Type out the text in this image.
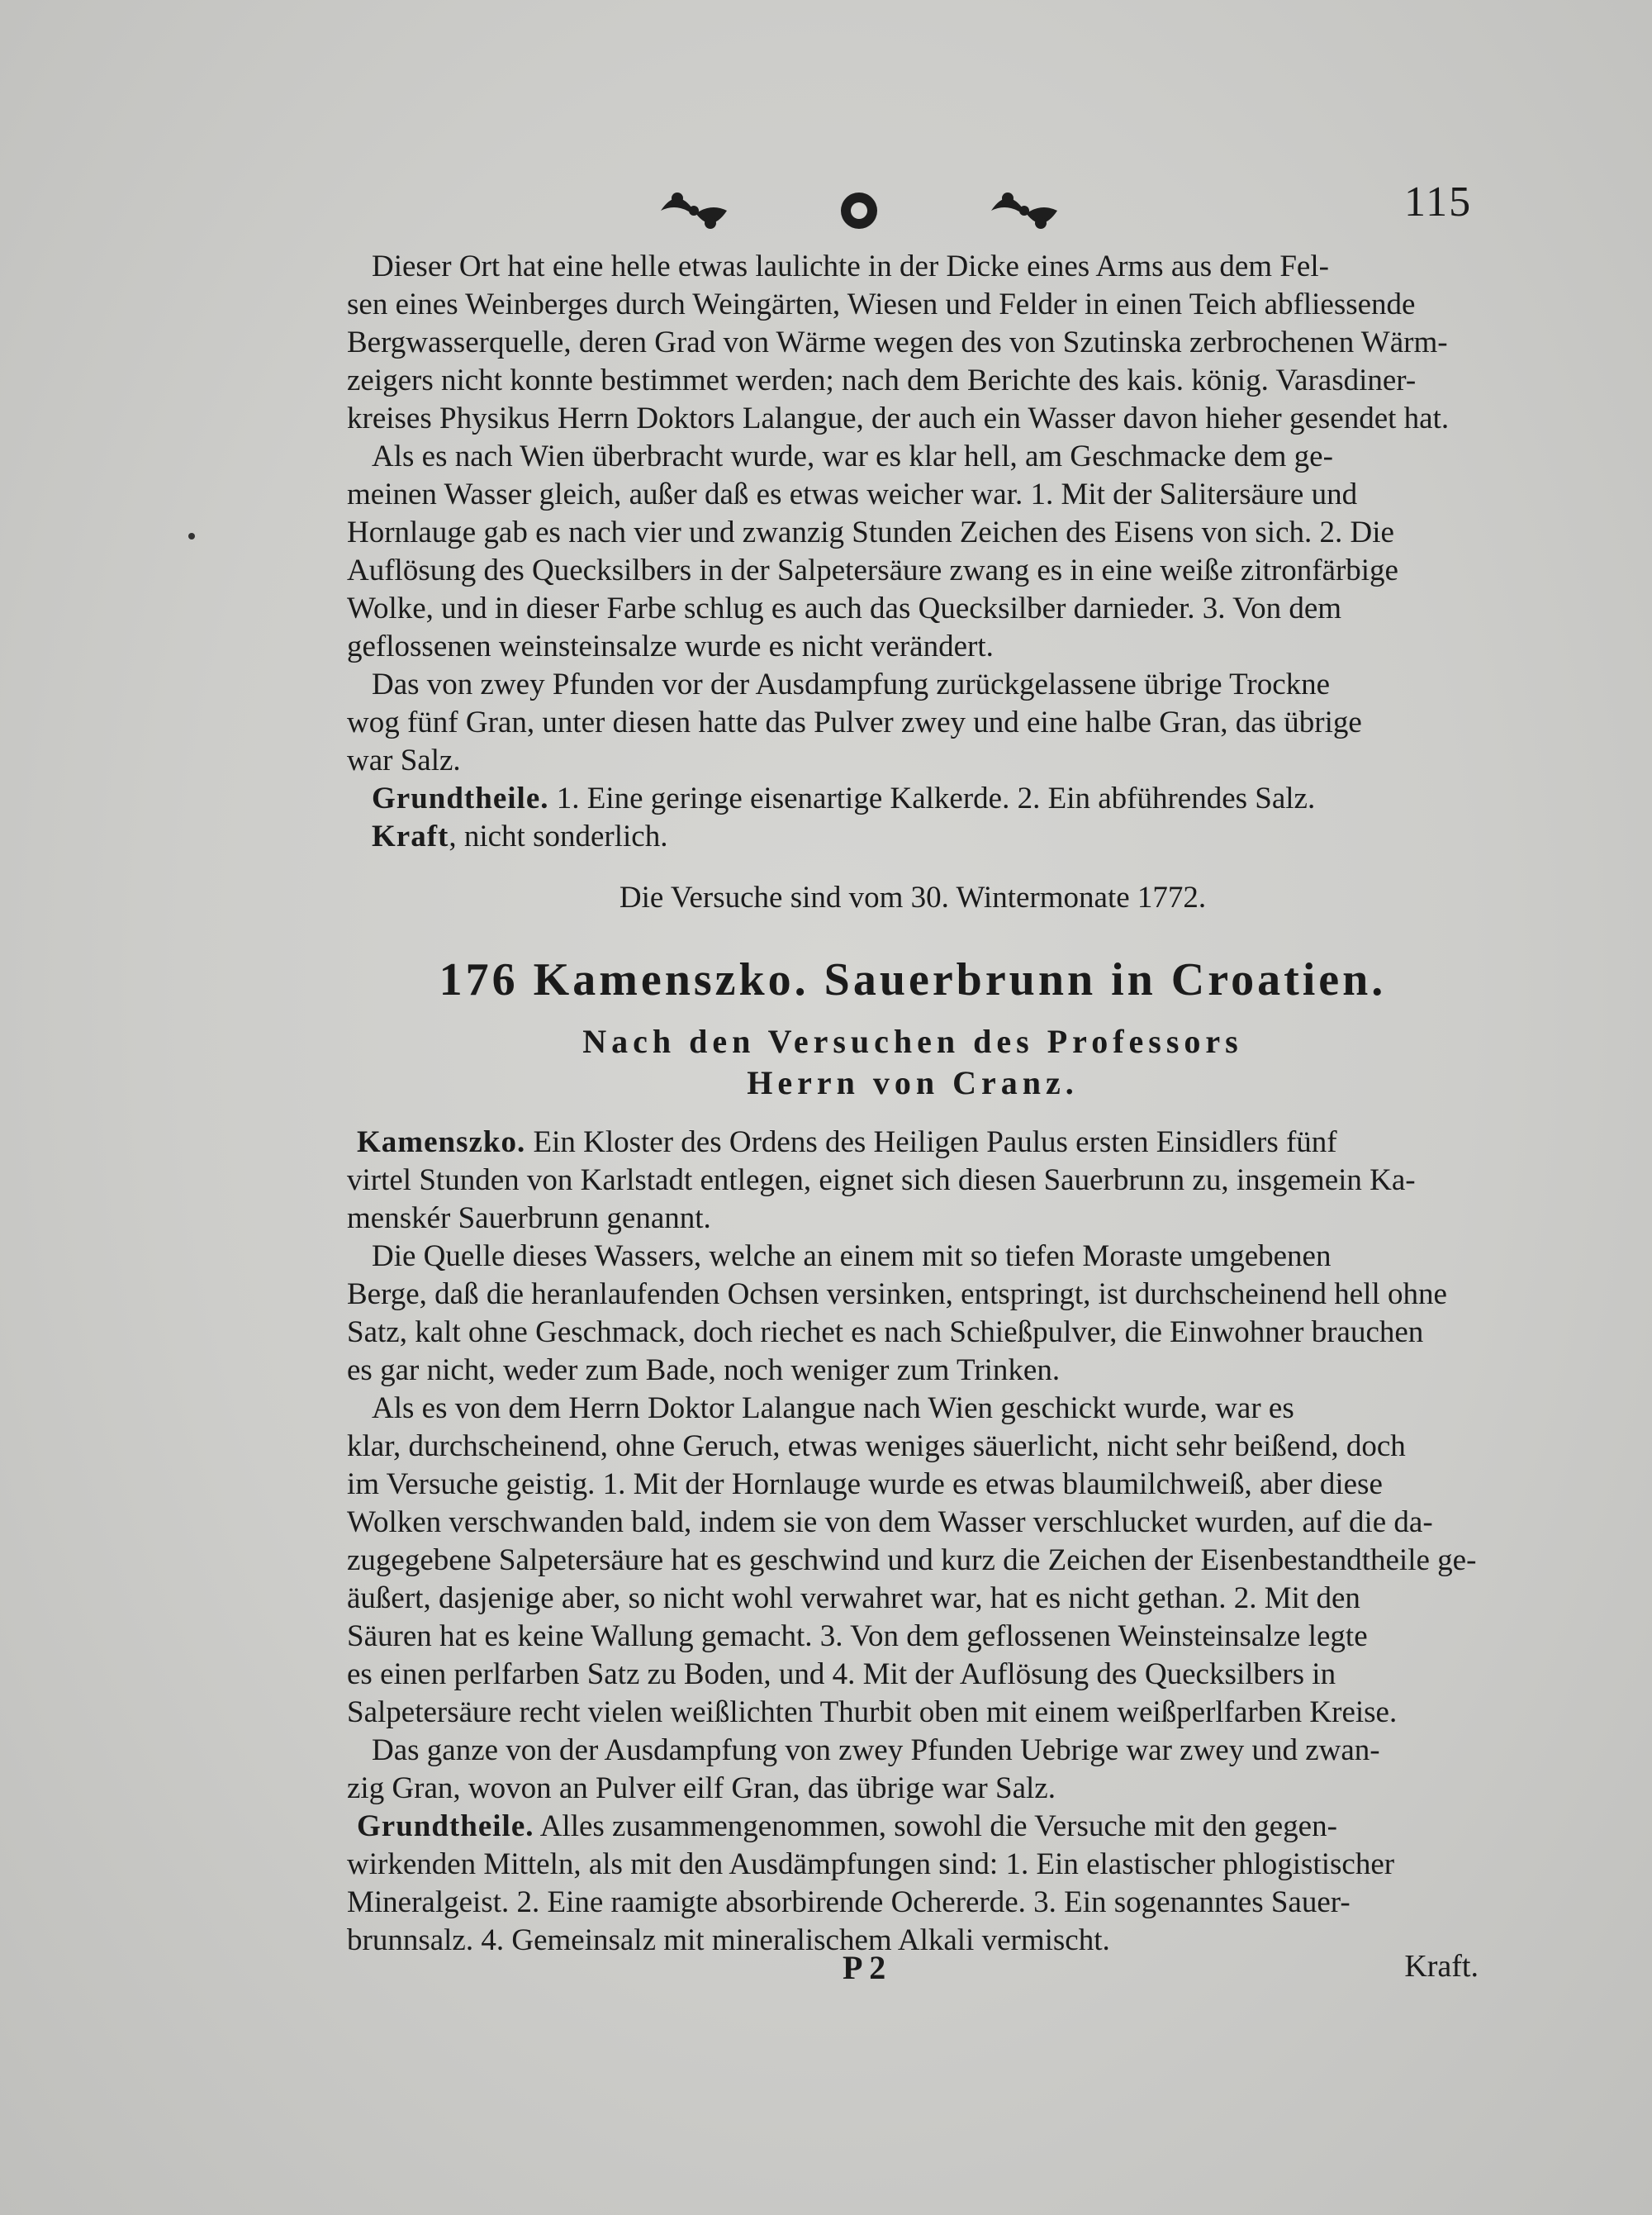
115

Dieser Ort hat eine helle etwas laulichte in der Dicke eines Arms aus dem Fel-
sen eines Weinberges durch Weingärten, Wiesen und Felder in einen Teich abfliessende
Bergwasserquelle, deren Grad von Wärme wegen des von Szutinska zerbrochenen Wärm-
zeigers nicht konnte bestimmet werden; nach dem Berichte des kais. könig. Varasdiner-
kreises Physikus Herrn Doktors Lalangue, der auch ein Wasser davon hieher gesendet hat.

Als es nach Wien überbracht wurde, war es klar hell, am Geschmacke dem ge-
meinen Wasser gleich, außer daß es etwas weicher war. 1. Mit der Salitersäure und
Hornlauge gab es nach vier und zwanzig Stunden Zeichen des Eisens von sich. 2. Die
Auflösung des Quecksilbers in der Salpetersäure zwang es in eine weiße zitronfärbige
Wolke, und in dieser Farbe schlug es auch das Quecksilber darnieder. 3. Von dem
geflossenen weinsteinsalze wurde es nicht verändert.

Das von zwey Pfunden vor der Ausdampfung zurückgelassene übrige Trockne
wog fünf Gran, unter diesen hatte das Pulver zwey und eine halbe Gran, das übrige
war Salz.

Grundtheile. 1. Eine geringe eisenartige Kalkerde. 2. Ein abführendes Salz.

Kraft, nicht sonderlich.

Die Versuche sind vom 30. Wintermonate 1772.

176 Kamenszko. Sauerbrunn in Croatien.

Nach den Versuchen des Professors

Herrn von Cranz.

Kamenszko. Ein Kloster des Ordens des Heiligen Paulus ersten Einsidlers fünf
virtel Stunden von Karlstadt entlegen, eignet sich diesen Sauerbrunn zu, insgemein Ka-
menskér Sauerbrunn genannt.

Die Quelle dieses Wassers, welche an einem mit so tiefen Moraste umgebenen
Berge, daß die heranlaufenden Ochsen versinken, entspringt, ist durchscheinend hell ohne
Satz, kalt ohne Geschmack, doch riechet es nach Schießpulver, die Einwohner brauchen
es gar nicht, weder zum Bade, noch weniger zum Trinken.

Als es von dem Herrn Doktor Lalangue nach Wien geschickt wurde, war es
klar, durchscheinend, ohne Geruch, etwas weniges säuerlicht, nicht sehr beißend, doch
im Versuche geistig. 1. Mit der Hornlauge wurde es etwas blaumilchweiß, aber diese
Wolken verschwanden bald, indem sie von dem Wasser verschlucket wurden, auf die da-
zugegebene Salpetersäure hat es geschwind und kurz die Zeichen der Eisenbestandtheile ge-
äußert, dasjenige aber, so nicht wohl verwahret war, hat es nicht gethan. 2. Mit den
Säuren hat es keine Wallung gemacht. 3. Von dem geflossenen Weinsteinsalze legte
es einen perlfarben Satz zu Boden, und 4. Mit der Auflösung des Quecksilbers in
Salpetersäure recht vielen weißlichten Thurbit oben mit einem weißperlfarben Kreise.

Das ganze von der Ausdampfung von zwey Pfunden Uebrige war zwey und zwan-
zig Gran, wovon an Pulver eilf Gran, das übrige war Salz.

Grundtheile. Alles zusammengenommen, sowohl die Versuche mit den gegen-
wirkenden Mitteln, als mit den Ausdämpfungen sind: 1. Ein elastischer phlogistischer
Mineralgeist. 2. Eine raamigte absorbirende Ochererde. 3. Ein sogenanntes Sauer-
brunnsalz. 4. Gemeinsalz mit mineralischem Alkali vermischt.

P 2	Kraft.
